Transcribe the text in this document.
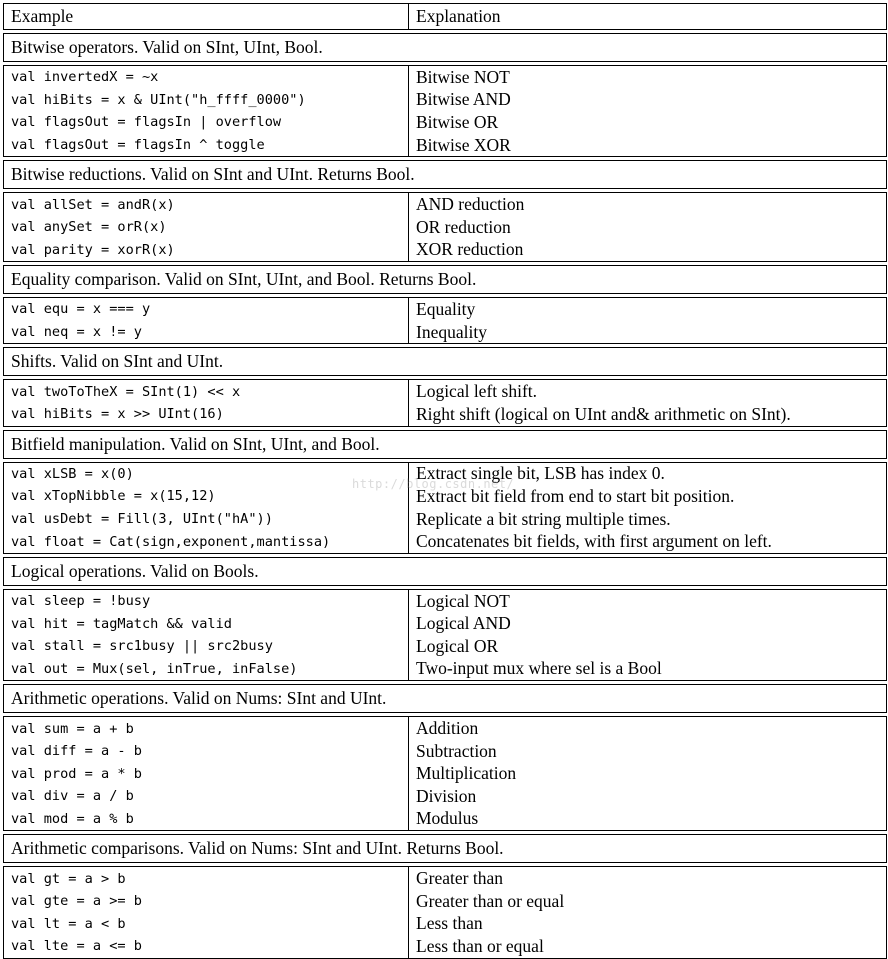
Example	Explanation

Bitwise operators. Valid on SInt, UInt, Bool.	

val invertedX = ~x	Bitwise NOT
val hiBits = x & UInt("h_ffff_0000")	Bitwise AND
val flagsOut = flagsIn | overflow	Bitwise OR
val flagsOut = flagsIn ^ toggle	Bitwise XOR

Bitwise reductions. Valid on SInt and UInt. Returns Bool.	

val allSet = andR(x)	AND reduction
val anySet = orR(x)	OR reduction
val parity = xorR(x)	XOR reduction

Equality comparison. Valid on SInt, UInt, and Bool. Returns Bool.	

val equ = x === y	Equality
val neq = x != y	Inequality

Shifts. Valid on SInt and UInt.	

val twoToTheX = SInt(1) << x	Logical left shift.
val hiBits = x >> UInt(16)	Right shift (logical on UInt and& arithmetic on SInt).

Bitfield manipulation. Valid on SInt, UInt, and Bool.	

val xLSB = x(0)	Extract single bit, LSB has index 0.
val xTopNibble = x(15,12)	Extract bit field from end to start bit position.
val usDebt = Fill(3, UInt("hA"))	Replicate a bit string multiple times.
val float = Cat(sign,exponent,mantissa)	Concatenates bit fields, with first argument on left.

Logical operations. Valid on Bools.	

val sleep = !busy	Logical NOT
val hit = tagMatch && valid	Logical AND
val stall = src1busy || src2busy	Logical OR
val out = Mux(sel, inTrue, inFalse)	Two-input mux where sel is a Bool

Arithmetic operations. Valid on Nums: SInt and UInt.	

val sum = a + b	Addition
val diff = a - b	Subtraction
val prod = a * b	Multiplication
val div = a / b	Division
val mod = a % b	Modulus

Arithmetic comparisons. Valid on Nums: SInt and UInt. Returns Bool.	

val gt = a > b	Greater than
val gte = a >= b	Greater than or equal
val lt = a < b	Less than
val lte = a <= b	Less than or equal
http://blog.csdn.net/
